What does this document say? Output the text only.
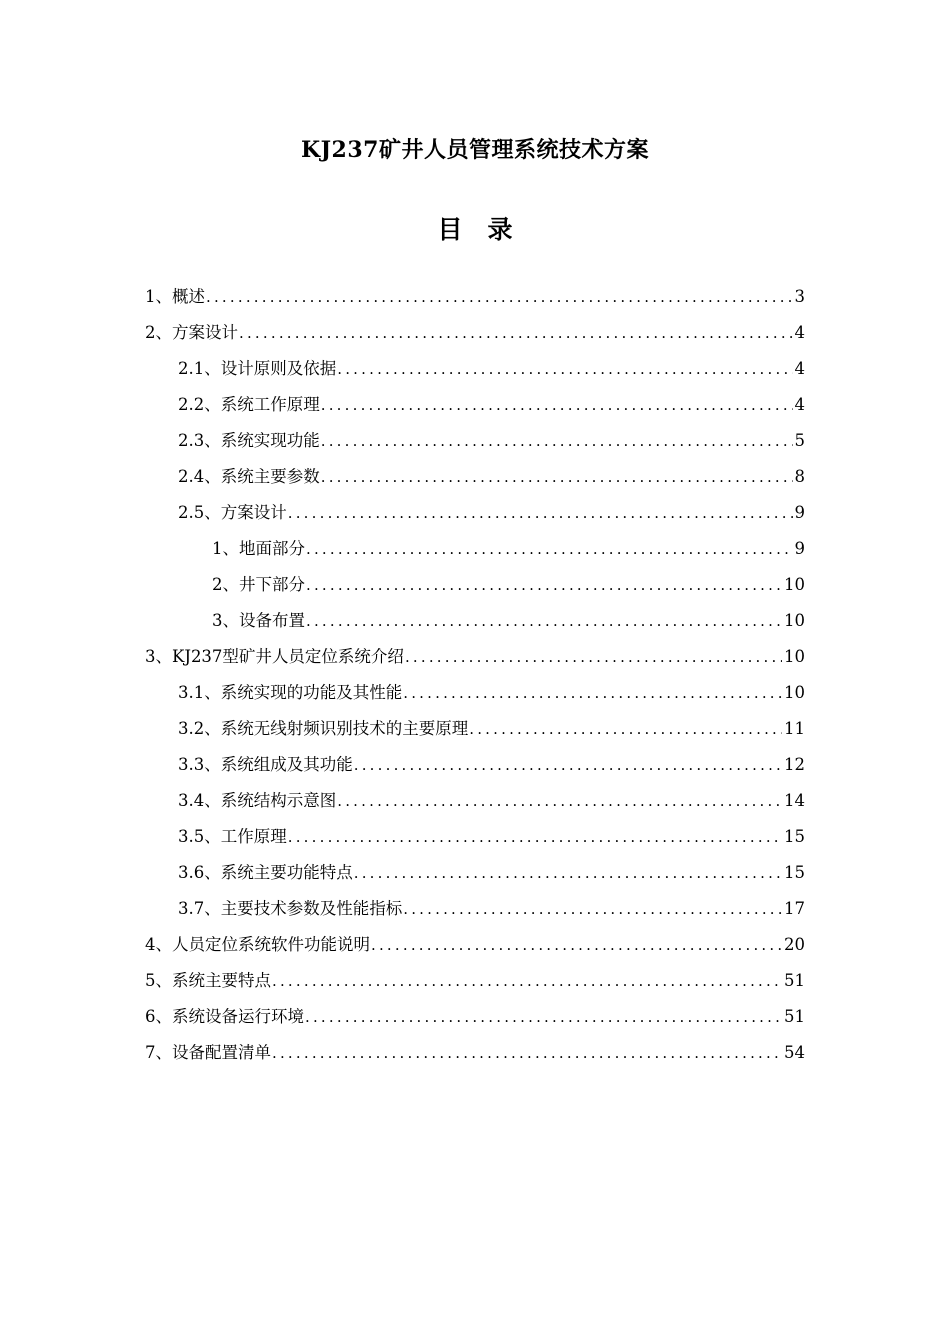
KJ237矿井人员管理系统技术方案
目　录
1、概述 .....	3
2、方案设计 .....	4
2.1、设计原则及依据 .....	4
2.2、系统工作原理 .....	4
2.3、系统实现功能 .....	5
2.4、系统主要参数 .....	8
2.5、方案设计 .....	9
1、地面部分 .....	9
2、井下部分 .....	10
3、设备布置 .....	10
3、KJ237型矿井人员定位系统介绍 .....	10
3.1、系统实现的功能及其性能 .....	10
3.2、系统无线射频识别技术的主要原理 .....	11
3.3、系统组成及其功能 .....	12
3.4、系统结构示意图 .....	14
3.5、工作原理 .....	15
3.6、系统主要功能特点 .....	15
3.7、主要技术参数及性能指标 .....	17
4、人员定位系统软件功能说明 .....	20
5、系统主要特点 .....	51
6、系统设备运行环境 .....	51
7、设备配置清单 .....	54
